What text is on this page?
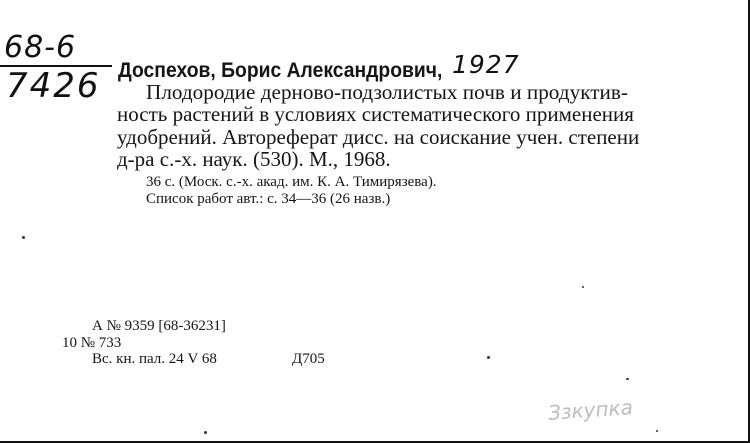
68-6
7426 Доспехов, Борис Александрович, 1927
Плодородие дерново-подзолистых почв и продуктив-
ность растений в условиях систематического применения
удобрений. Автореферат дисс. на соискание учен. степени
д-ра с.-х. наук. (530). М., 1968.
36 с. (Моск. с.-х. акад. им. К. А. Тимирязева).
Список работ авт.: с. 34—36 (26 назв.)
А № 9359 [68-36231]
10 № 733
Вс. кн. пал. 24 V 68	Д705
Ззкупка
